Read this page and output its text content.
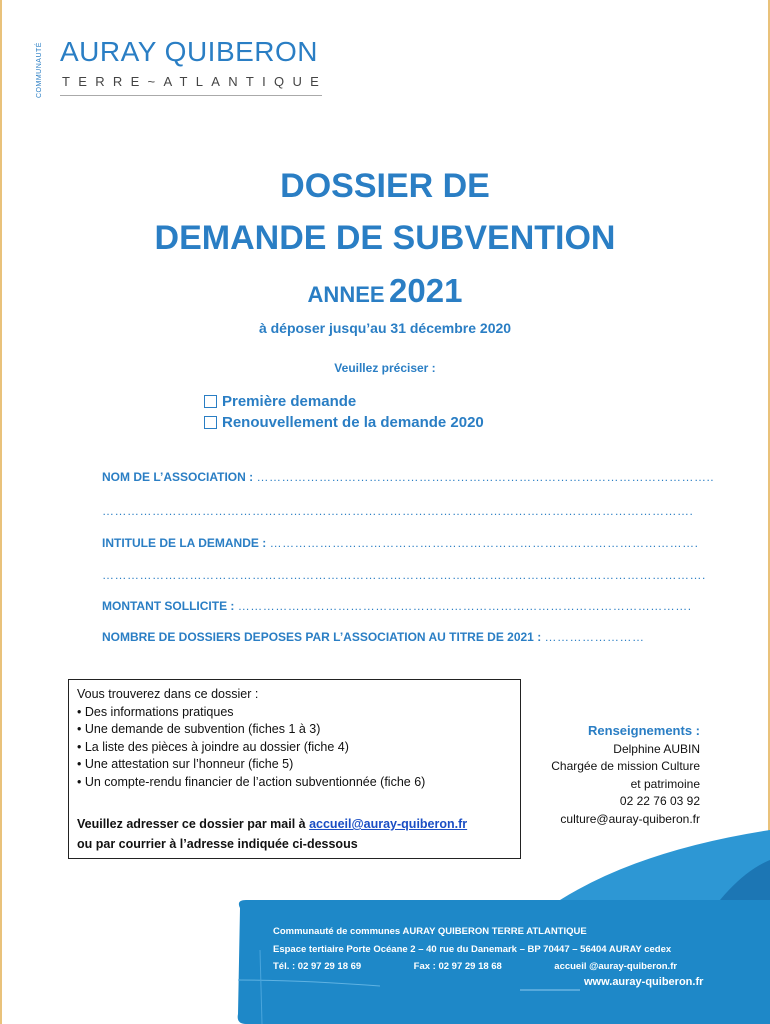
COMMUNAUTÉ AURAY QUIBERON
TERRE~ATLANTIQUE
DOSSIER DE
DEMANDE DE SUBVENTION
ANNEE 2021
à déposer jusqu’au 31 décembre 2020
Veuillez préciser :
Première demande
Renouvellement de la demande 2020
NOM DE L’ASSOCIATION : ………………………………………………………………………………………………..
…………………………………………………………………………………………………………………………….
INTITULE DE LA DEMANDE : ………………………………………………………………………………………….
……………………………………………………………………………………………………………………………….
MONTANT SOLLICITE : ……………………………………………………………………………………………….
NOMBRE DE DOSSIERS DEPOSES PAR L’ASSOCIATION AU TITRE DE 2021 : ……………………
Vous trouverez dans ce dossier :
• Des informations pratiques
• Une demande de subvention (fiches 1 à 3)
• La liste des pièces à joindre au dossier (fiche 4)
• Une attestation sur l’honneur (fiche 5)
• Un compte-rendu financier de l’action subventionnée (fiche 6)
Veuillez adresser ce dossier par mail à accueil@auray-quiberon.fr
ou par courrier à l’adresse indiquée ci-dessous
Renseignements :
Delphine AUBIN
Chargée de mission Culture
et patrimoine
02 22 76 03 92
culture@auray-quiberon.fr
Communauté de communes AURAY QUIBERON TERRE ATLANTIQUE
Espace tertiaire Porte Océane 2 – 40 rue du Danemark – BP 70447 – 56404 AURAY cedex
Tél. : 02 97 29 18 69	Fax : 02 97 29 18 68	accueil @auray-quiberon.fr
www.auray-quiberon.fr
